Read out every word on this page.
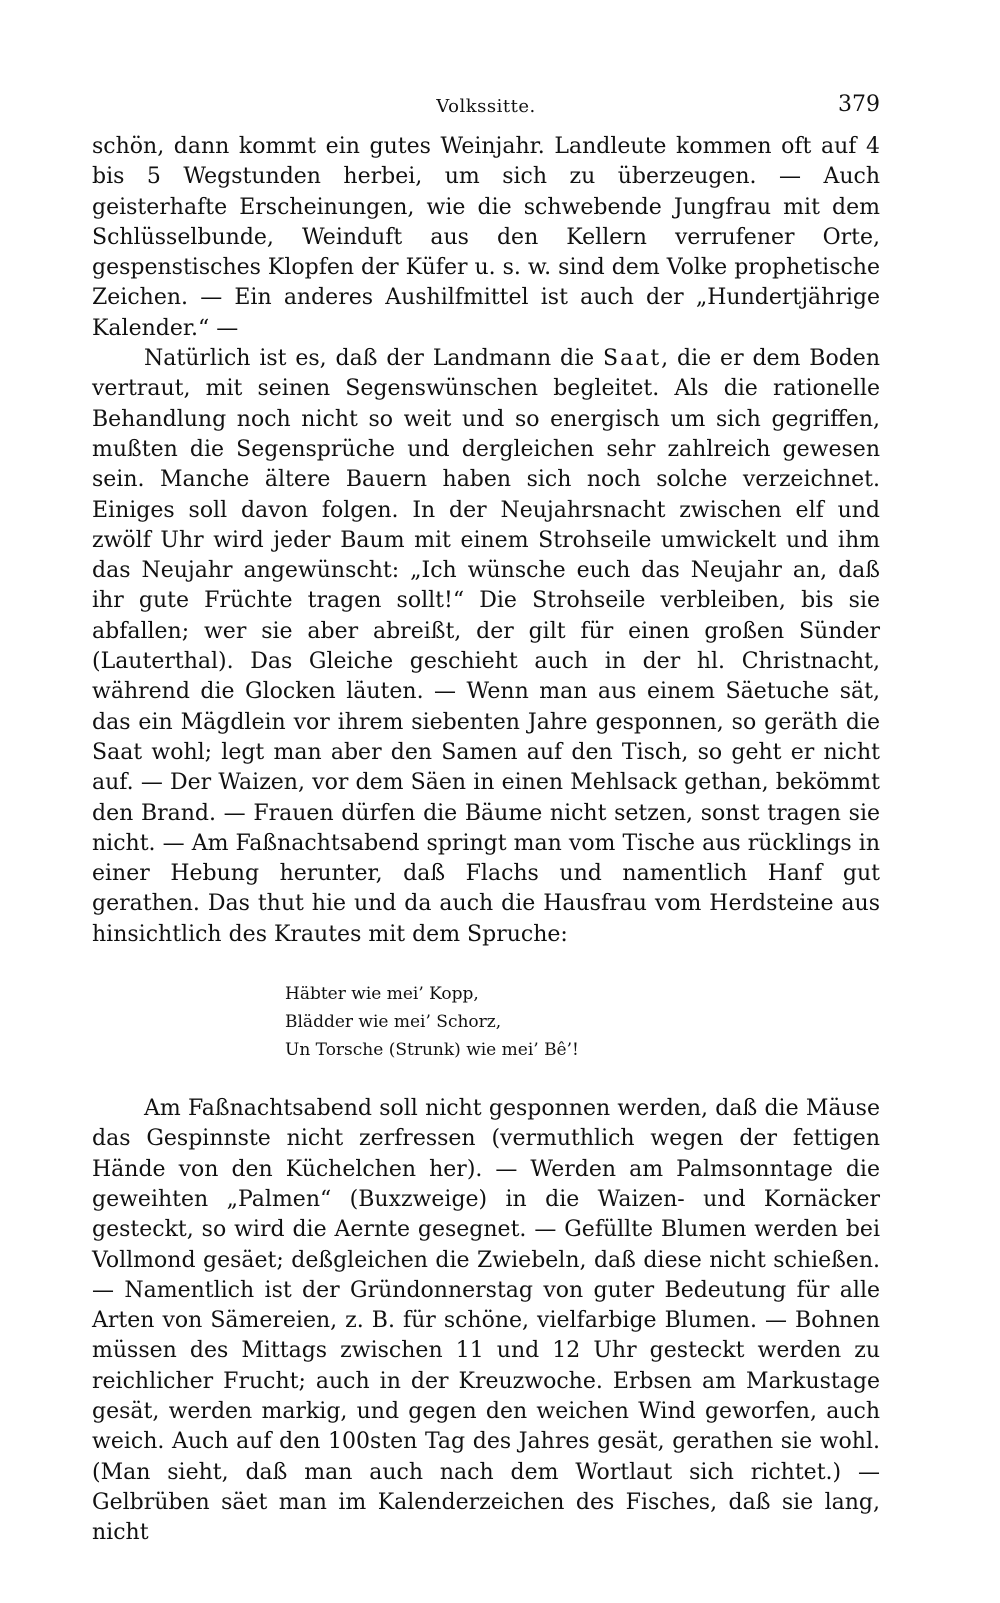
Volkssitte.	379

schön, dann kommt ein gutes Weinjahr. Landleute kommen oft auf 4 bis 5 Wegstunden herbei, um sich zu überzeugen. — Auch geisterhafte Erscheinungen, wie die schwebende Jungfrau mit dem Schlüsselbunde, Weinduft aus den Kellern verrufener Orte, gespenstisches Klopfen der Küfer u. s. w. sind dem Volke prophetische Zeichen. — Ein anderes Aushilfmittel ist auch der „Hundertjährige Kalender.“ —

Natürlich ist es, daß der Landmann die Saat, die er dem Boden vertraut, mit seinen Segenswünschen begleitet. Als die rationelle Behandlung noch nicht so weit und so energisch um sich gegriffen, mußten die Segensprüche und dergleichen sehr zahlreich gewesen sein. Manche ältere Bauern haben sich noch solche verzeichnet. Einiges soll davon folgen. In der Neujahrsnacht zwischen elf und zwölf Uhr wird jeder Baum mit einem Strohseile umwickelt und ihm das Neujahr angewünscht: „Ich wünsche euch das Neujahr an, daß ihr gute Früchte tragen sollt!“ Die Strohseile verbleiben, bis sie abfallen; wer sie aber abreißt, der gilt für einen großen Sünder (Lauterthal). Das Gleiche geschieht auch in der hl. Christnacht, während die Glocken läuten. — Wenn man aus einem Säetuche sät, das ein Mägdlein vor ihrem siebenten Jahre gesponnen, so geräth die Saat wohl; legt man aber den Samen auf den Tisch, so geht er nicht auf. — Der Waizen, vor dem Säen in einen Mehlsack gethan, bekömmt den Brand. — Frauen dürfen die Bäume nicht setzen, sonst tragen sie nicht. — Am Faßnachtsabend springt man vom Tische aus rücklings in einer Hebung herunter, daß Flachs und namentlich Hanf gut gerathen. Das thut hie und da auch die Hausfrau vom Herdsteine aus hinsichtlich des Krautes mit dem Spruche:

Häbter wie mei’ Kopp,
Blädder wie mei’ Schorz,
Un Torsche (Strunk) wie mei’ Bê’!

Am Faßnachtsabend soll nicht gesponnen werden, daß die Mäuse das Gespinnste nicht zerfressen (vermuthlich wegen der fettigen Hände von den Küchelchen her). — Werden am Palmsonntage die geweihten „Palmen“ (Buxzweige) in die Waizen- und Kornäcker gesteckt, so wird die Aernte gesegnet. — Gefüllte Blumen werden bei Vollmond gesäet; deßgleichen die Zwiebeln, daß diese nicht schießen. — Namentlich ist der Gründonnerstag von guter Bedeutung für alle Arten von Sämereien, z. B. für schöne, vielfarbige Blumen. — Bohnen müssen des Mittags zwischen 11 und 12 Uhr gesteckt werden zu reichlicher Frucht; auch in der Kreuzwoche. Erbsen am Markustage gesät, werden markig, und gegen den weichen Wind geworfen, auch weich. Auch auf den 100sten Tag des Jahres gesät, gerathen sie wohl. (Man sieht, daß man auch nach dem Wortlaut sich richtet.) — Gelbrüben säet man im Kalenderzeichen des Fisches, daß sie lang, nicht
